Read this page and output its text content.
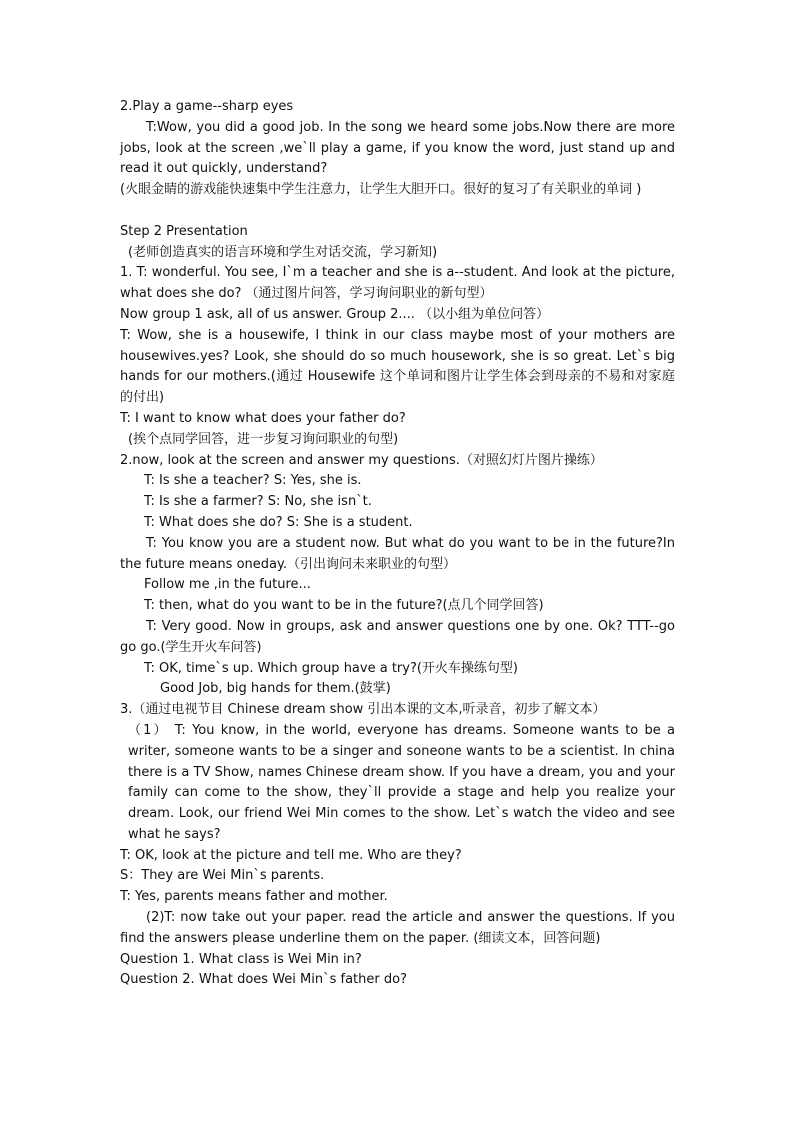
2.Play a game--sharp eyes

T:Wow, you did a good job. In the song we heard some jobs.Now there are more jobs, look at the screen ,we`ll play a game, if you know the word, just stand up and read it out quickly, understand?

(火眼金睛的游戏能快速集中学生注意力，让学生大胆开口。很好的复习了有关职业的单词 )

Step 2 Presentation

(老师创造真实的语言环境和学生对话交流，学习新知)

1. T: wonderful. You see, I`m a teacher and she is a--student. And look at the picture, what does she do? （通过图片问答，学习询问职业的新句型）

Now group 1 ask, all of us answer. Group 2.... （以小组为单位问答）

T: Wow, she is a housewife, I think in our class maybe most of your mothers are housewives.yes? Look, she should do so much housework, she is so great. Let`s big hands for our mothers.(通过 Housewife 这个单词和图片让学生体会到母亲的不易和对家庭的付出)

T: I want to know what does your father do?

(挨个点同学回答，进一步复习询问职业的句型)

2.now, look at the screen and answer my questions.（对照幻灯片图片操练）

T: Is she a teacher? S: Yes, she is.

T: Is she a farmer? S: No, she isn`t.

T: What does she do? S: She is a student.

T: You know you are a student now. But what do you want to be in the future?In the future means oneday.（引出询问未来职业的句型）

Follow me ,in the future...

T: then, what do you want to be in the future?(点几个同学回答)

T: Very good. Now in groups, ask and answer questions one by one. Ok? TTT--go go go.(学生开火车问答)

T: OK, time`s up. Which group have a try?(开火车操练句型)

Good Job, big hands for them.(鼓掌)

3.（通过电视节目 Chinese dream show 引出本课的文本,听录音，初步了解文本）

（1） T: You know, in the world, everyone has dreams. Someone wants to be a writer, someone wants to be a singer and soneone wants to be a scientist. In china there is a TV Show, names Chinese dream show. If you have a dream, you and your family can come to the show, they`ll provide a stage and help you realize your dream. Look, our friend Wei Min comes to the show. Let`s watch the video and see what he says?

T: OK, look at the picture and tell me. Who are they?

S：They are Wei Min`s parents.

T: Yes, parents means father and mother.

(2)T: now take out your paper. read the article and answer the questions. If you find the answers please underline them on the paper. (细读文本，回答问题)

Question 1. What class is Wei Min in?

Question 2. What does Wei Min`s father do?
